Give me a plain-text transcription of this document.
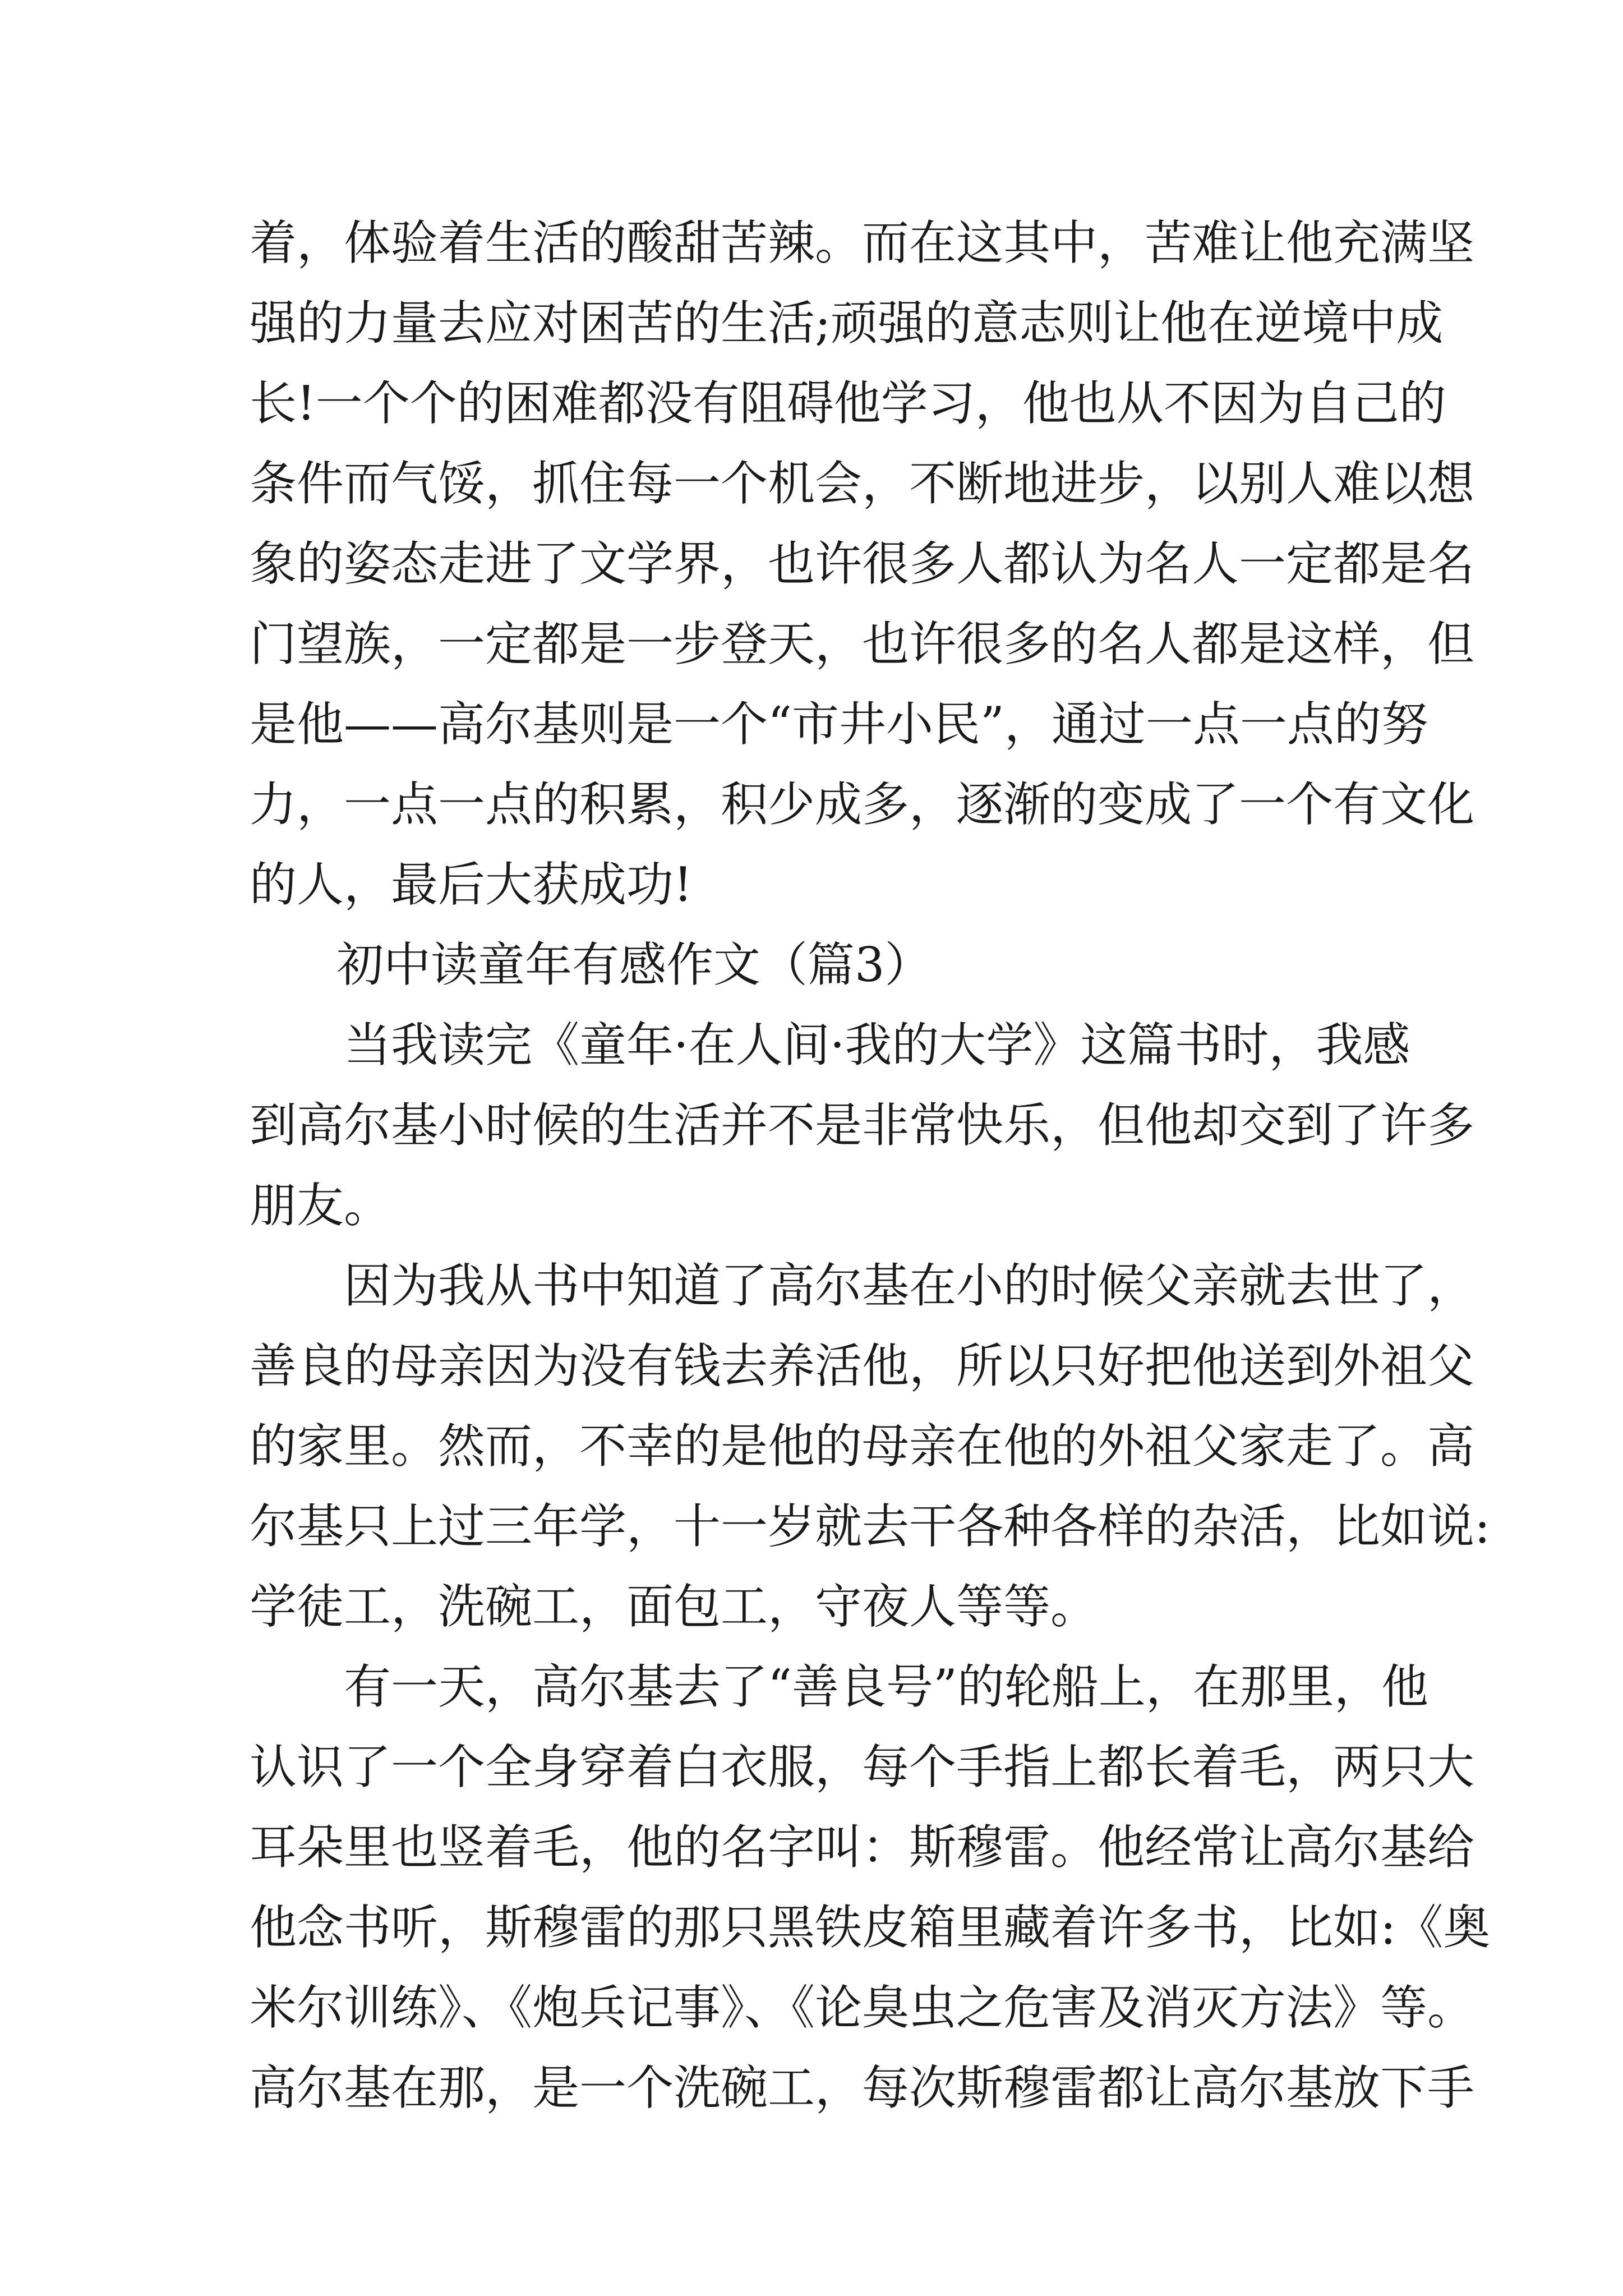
着，体验着生活的酸甜苦辣。而在这其中，苦难让他充满坚
强的力量去应对困苦的生活;顽强的意志则让他在逆境中成
长!一个个的困难都没有阻碍他学习，他也从不因为自己的
条件而气馁，抓住每一个机会，不断地进步，以别人难以想
象的姿态走进了文学界，也许很多人都认为名人一定都是名
门望族，一定都是一步登天，也许很多的名人都是这样，但
是他——高尔基则是一个“市井小民”，通过一点一点的努
力，一点一点的积累，积少成多，逐渐的变成了一个有文化
的人，最后大获成功!
初中读童年有感作文（篇3）
当我读完《童年·在人间·我的大学》这篇书时，我感
到高尔基小时候的生活并不是非常快乐，但他却交到了许多
朋友。
因为我从书中知道了高尔基在小的时候父亲就去世了，
善良的母亲因为没有钱去养活他，所以只好把他送到外祖父
的家里。然而，不幸的是他的母亲在他的外祖父家走了。高
尔基只上过三年学，十一岁就去干各种各样的杂活，比如说:
学徒工，洗碗工，面包工，守夜人等等。
有一天，高尔基去了“善良号”的轮船上，在那里，他
认识了一个全身穿着白衣服，每个手指上都长着毛，两只大
耳朵里也竖着毛，他的名字叫：斯穆雷。他经常让高尔基给
他念书听，斯穆雷的那只黑铁皮箱里藏着许多书，比如:《奥
米尔训练》、《炮兵记事》、《论臭虫之危害及消灭方法》等。
高尔基在那，是一个洗碗工，每次斯穆雷都让高尔基放下手
